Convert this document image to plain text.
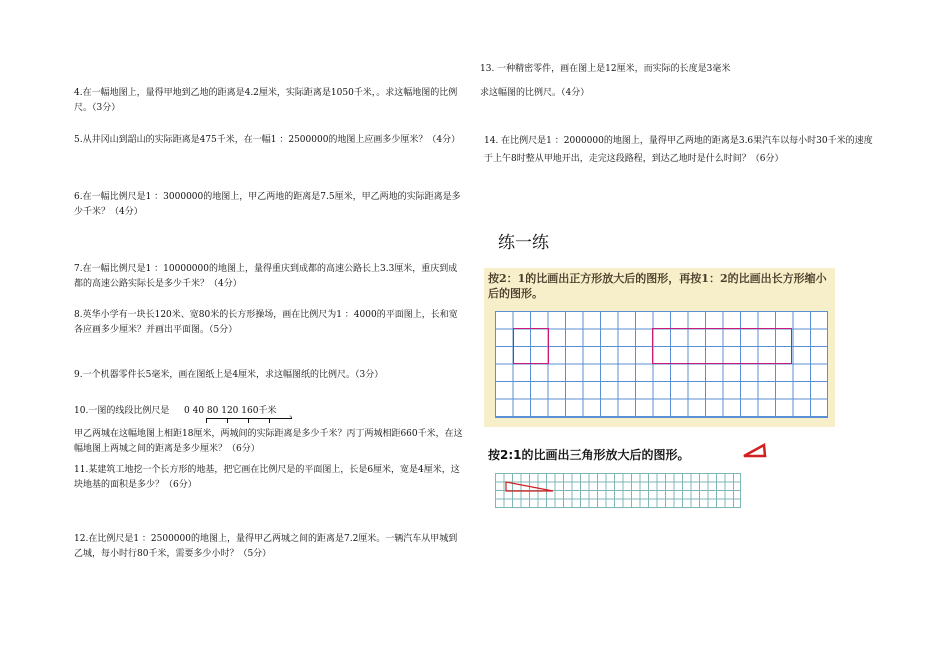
4.在一幅地图上，量得甲地到乙地的距离是4.2厘米，实际距离是1050千米，。求这幅地图的比例尺。（3分）
5.从井冈山到韶山的实际距离是475千米，在一幅1 ：2500000的地图上应画多少厘米？（4分）
6.在一幅比例尺是1 ：3000000的地图上，甲乙两地的距离是7.5厘米，甲乙两地的实际距离是多少千米？（4分）
7.在一幅比例尺是1 ：10000000的地图上，量得重庆到成都的高速公路长上3.3厘米，重庆到成都的高速公路实际长是多少千米？（4分）
8.英华小学有一块长120米、宽80米的长方形操场，画在比例尺为1 ：4000的平面图上，长和宽各应画多少厘米？并画出平面图。（5分）
9.一个机器零件长5毫米，画在图纸上是4厘米，求这幅图纸的比例尺。（3分）
10.一图的线段比例尺是 0 40 80 120 160千米
›
甲乙两城在这幅地图上相距18厘米，两城间的实际距离是多少千米？丙丁两城相距660千米，在这幅地图上两城之间的距离是多少厘米？（6分）
11.某建筑工地挖一个长方形的地基，把它画在比例尺是的平面图上，长是6厘米，宽是4厘米，这块地基的面积是多少？（6分）
12.在比例尺是1 ：2500000的地图上，量得甲乙两城之间的距离是7.2厘米。一辆汽车从甲城到乙城，每小时行80千米，需要多少小时？（5分）
13. 一种精密零件，画在图上是12厘米，而实际的长度是3毫米
求这幅图的比例尺。（4分）
14. 在比例尺是1 ：2000000的地图上，量得甲乙两地的距离是3.6果汽车以每小时30千米的速度于上午8时整从甲地开出，走完这段路程，到达乙地时是什么时间？（6分）
练一练
按2：1的比画出正方形放大后的图形，再按1：2的比画出长方形缩小后的图形。
按2:1的比画出三角形放大后的图形。
